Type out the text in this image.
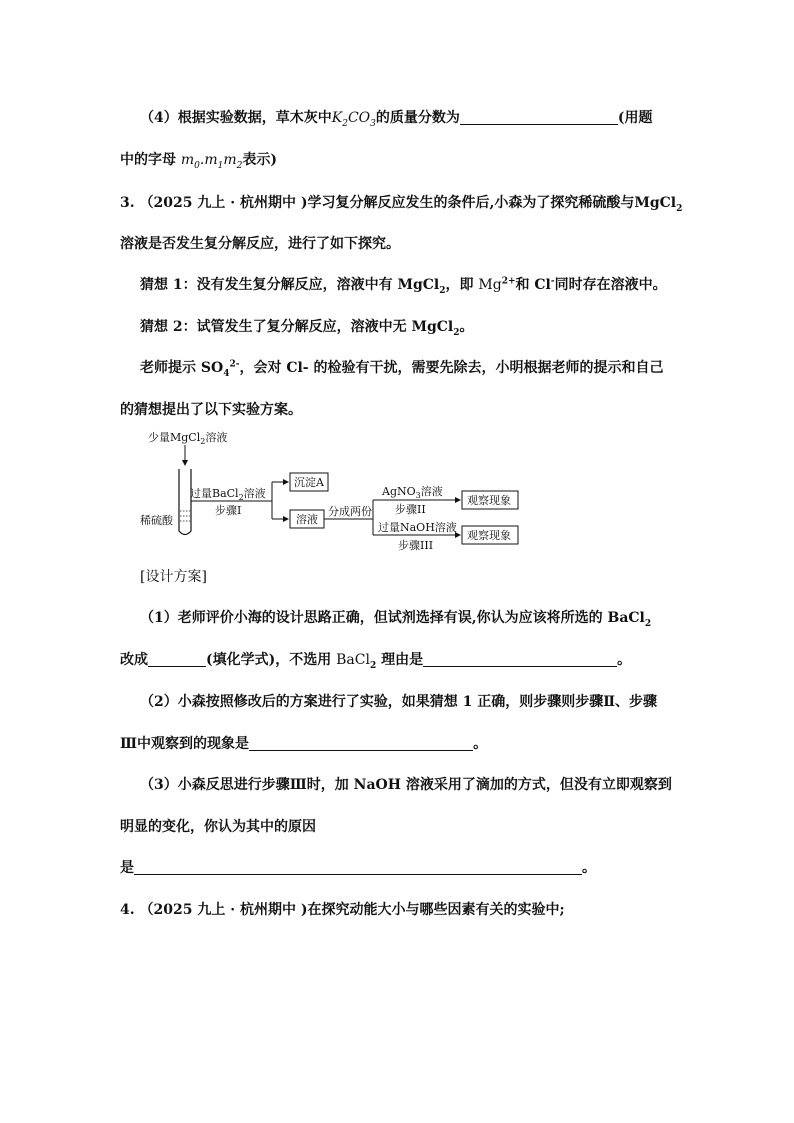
（4）根据实验数据，草木灰中$K_2CO_3$的质量分数为	(用题
中的字母 $m_0.m_1m_2$表示)
3. （2025 九上 · 杭州期中 )学习复分解反应发生的条件后,小森为了探究稀硫酸与MgCl$_2$
溶液是否发生复分解反应，进行了如下探究。
猜想 1：没有发生复分解反应，溶液中有 MgCl$_2$，即 $Mg^{2+}$和 Cl-同时存在溶液中。
猜想 2：试管发生了复分解反应，溶液中无 MgCl$_2$。
老师提示 $SO_4^{2-}$，会对 Cl- 的检验有干扰，需要先除去，小明根据老师的提示和自己
的猜想提出了以下实验方案。
少量MgCl$_2$溶液
稀硫酸
过量BaCl$_2$溶液
步骤I
沉淀A
溶液
分成两份
AgNO$_3$溶液
步骤II
观察现象
过量NaOH溶液
步骤III
观察现象
[设计方案]
（1）老师评价小海的设计思路正确，但试剂选择有误,你认为应该将所选的 BaCl$_2$
改成	(填化学式)，不选用 BaCl$_2$ 理由是	。
（2）小森按照修改后的方案进行了实验，如果猜想 1 正确，则步骤则步骤Ⅱ、步骤
Ⅲ中观察到的现象是	。
（3）小森反思进行步骤Ⅲ时，加 NaOH 溶液采用了滴加的方式，但没有立即观察到
明显的变化，你认为其中的原因
是	。
4. （2025 九上 · 杭州期中 )在探究动能大小与哪些因素有关的实验中;
